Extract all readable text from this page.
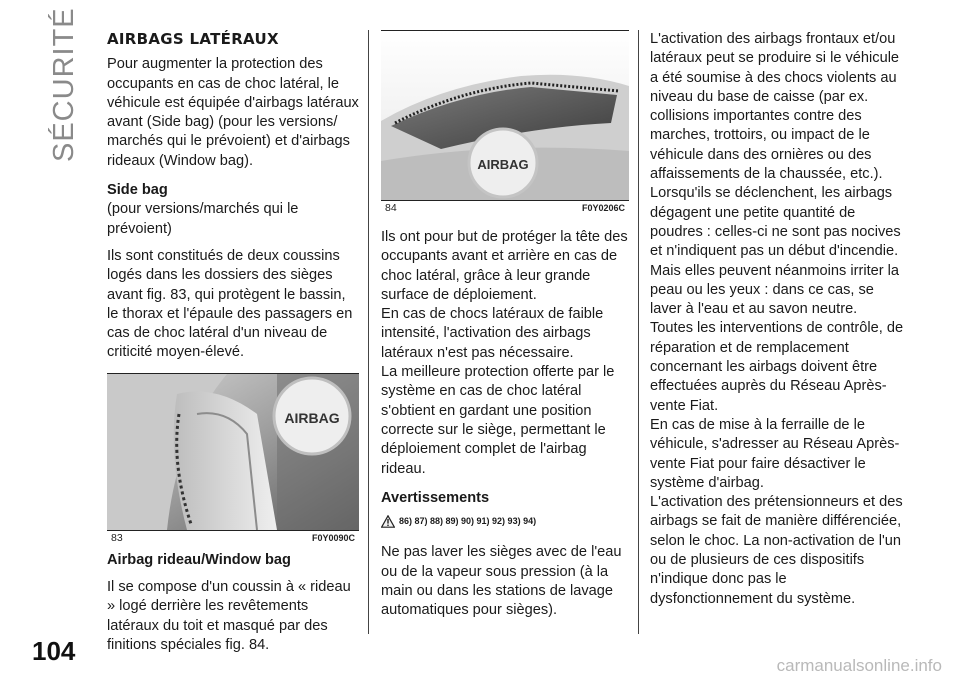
SÉCURITÉ AIRBAGS LATÉRAUX

Pour augmenter la protection des occupants en cas de choc latéral, le véhicule est équipée d'airbags latéraux avant (Side bag) (pour les versions/ marchés qui le prévoient) et d'airbags rideaux (Window bag).

Side bag

(pour versions/marchés qui le prévoient)

Ils sont constitués de deux coussins logés dans les dossiers des sièges avant fig. 83, qui protègent le bassin, le thorax et l'épaule des passagers en cas de choc latéral d'un niveau de criticité moyen-élevé.

AIRBAG
83	F0Y0090C
Airbag rideau/Window bag

Il se compose d'un coussin à « rideau » logé derrière les revêtements latéraux du toit et masqué par des finitions spéciales fig. 84.

AIRBAG
84	F0Y0206C

Ils ont pour but de protéger la tête des occupants avant et arrière en cas de choc latéral, grâce à leur grande surface de déploiement.

En cas de chocs latéraux de faible intensité, l'activation des airbags latéraux n'est pas nécessaire.

La meilleure protection offerte par le système en cas de choc latéral s'obtient en gardant une position correcte sur le siège, permettant le déploiement complet de l'airbag rideau.

Avertissements
86) 87) 88) 89) 90) 91) 92) 93) 94)

Ne pas laver les sièges avec de l'eau ou de la vapeur sous pression (à la main ou dans les stations de lavage automatiques pour sièges).

L'activation des airbags frontaux et/ou latéraux peut se produire si le véhicule a été soumise à des chocs violents au niveau du base de caisse (par ex. collisions importantes contre des marches, trottoirs, ou impact de le véhicule dans des ornières ou des affaissements de la chaussée, etc.).

Lorsqu'ils se déclenchent, les airbags dégagent une petite quantité de poudres : celles-ci ne sont pas nocives et n'indiquent pas un début d'incendie. Mais elles peuvent néanmoins irriter la peau ou les yeux : dans ce cas, se laver à l'eau et au savon neutre.

Toutes les interventions de contrôle, de réparation et de remplacement concernant les airbags doivent être effectuées auprès du Réseau Après-vente Fiat.

En cas de mise à la ferraille de le véhicule, s'adresser au Réseau Après-vente Fiat pour faire désactiver le système d'airbag.

L'activation des prétensionneurs et des airbags se fait de manière différenciée, selon le choc. La non-activation de l'un ou de plusieurs de ces dispositifs n'indique donc pas le dysfonctionnement du système.

104	carmanualsonline.info
